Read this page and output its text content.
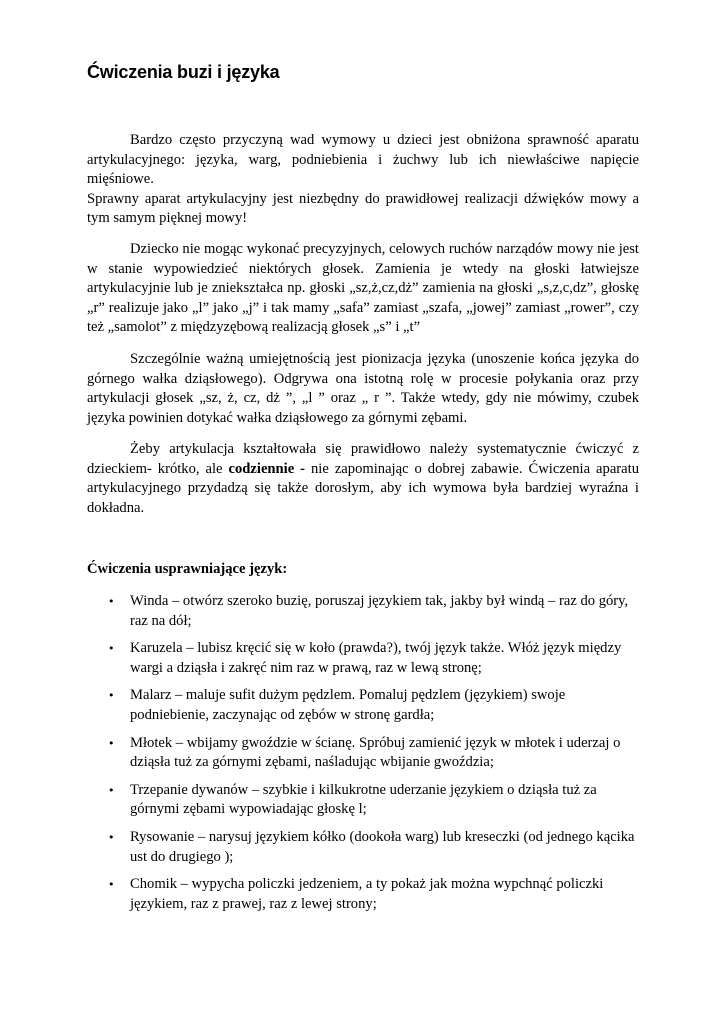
Ćwiczenia buzi i języka

Bardzo często przyczyną wad wymowy u dzieci jest obniżona sprawność aparatu artykulacyjnego: języka, warg, podniebienia i żuchwy lub ich niewłaściwe napięcie mięśniowe.

Sprawny aparat artykulacyjny jest niezbędny do prawidłowej realizacji dźwięków mowy a tym samym pięknej mowy!

Dziecko nie mogąc wykonać precyzyjnych, celowych ruchów narządów mowy nie jest w stanie wypowiedzieć niektórych głosek. Zamienia je wtedy na głoski łatwiejsze artykulacyjnie lub je zniekształca np. głoski „sz,ż,cz,dż” zamienia na głoski „s,z,c,dz”, głoskę „r” realizuje jako „l” jako „j” i tak mamy „safa” zamiast „szafa, „jowej” zamiast „rower”, czy też „samolot” z międzyzębową realizacją głosek „s” i „t”

Szczególnie ważną umiejętnością jest pionizacja języka (unoszenie końca języka do górnego wałka dziąsłowego). Odgrywa ona istotną rolę w procesie połykania oraz przy artykulacji głosek „sz, ż, cz, dż ”, „l ” oraz „ r ”. Także wtedy, gdy nie mówimy, czubek języka powinien dotykać wałka dziąsłowego za górnymi zębami.

Żeby artykulacja kształtowała się prawidłowo należy systematycznie ćwiczyć z dzieckiem- krótko, ale codziennie - nie zapominając o dobrej zabawie. Ćwiczenia aparatu artykulacyjnego przydadzą się także dorosłym, aby ich wymowa była bardziej wyraźna i dokładna.

Ćwiczenia usprawniające język:
• Winda – otwórz szeroko buzię, poruszaj językiem tak, jakby był windą – raz do góry, raz na dół;
• Karuzela – lubisz kręcić się w koło (prawda?), twój język także. Włóż język między wargi a dziąsła i zakręć nim raz w prawą, raz w lewą stronę;
• Malarz – maluje sufit dużym pędzlem. Pomaluj pędzlem (językiem) swoje podniebienie, zaczynając od zębów w stronę gardła;
• Młotek – wbijamy gwoździe w ścianę. Spróbuj zamienić język w młotek i uderzaj o dziąsła tuż za górnymi zębami, naśladując wbijanie gwoździa;
• Trzepanie dywanów – szybkie i kilkukrotne uderzanie językiem o dziąsła tuż za górnymi zębami wypowiadając głoskę l;
• Rysowanie – narysuj językiem kółko (dookoła warg) lub kreseczki (od jednego kącika ust do drugiego );
• Chomik – wypycha policzki jedzeniem, a ty pokaż jak można wypchnąć policzki językiem, raz z prawej, raz z lewej strony;
